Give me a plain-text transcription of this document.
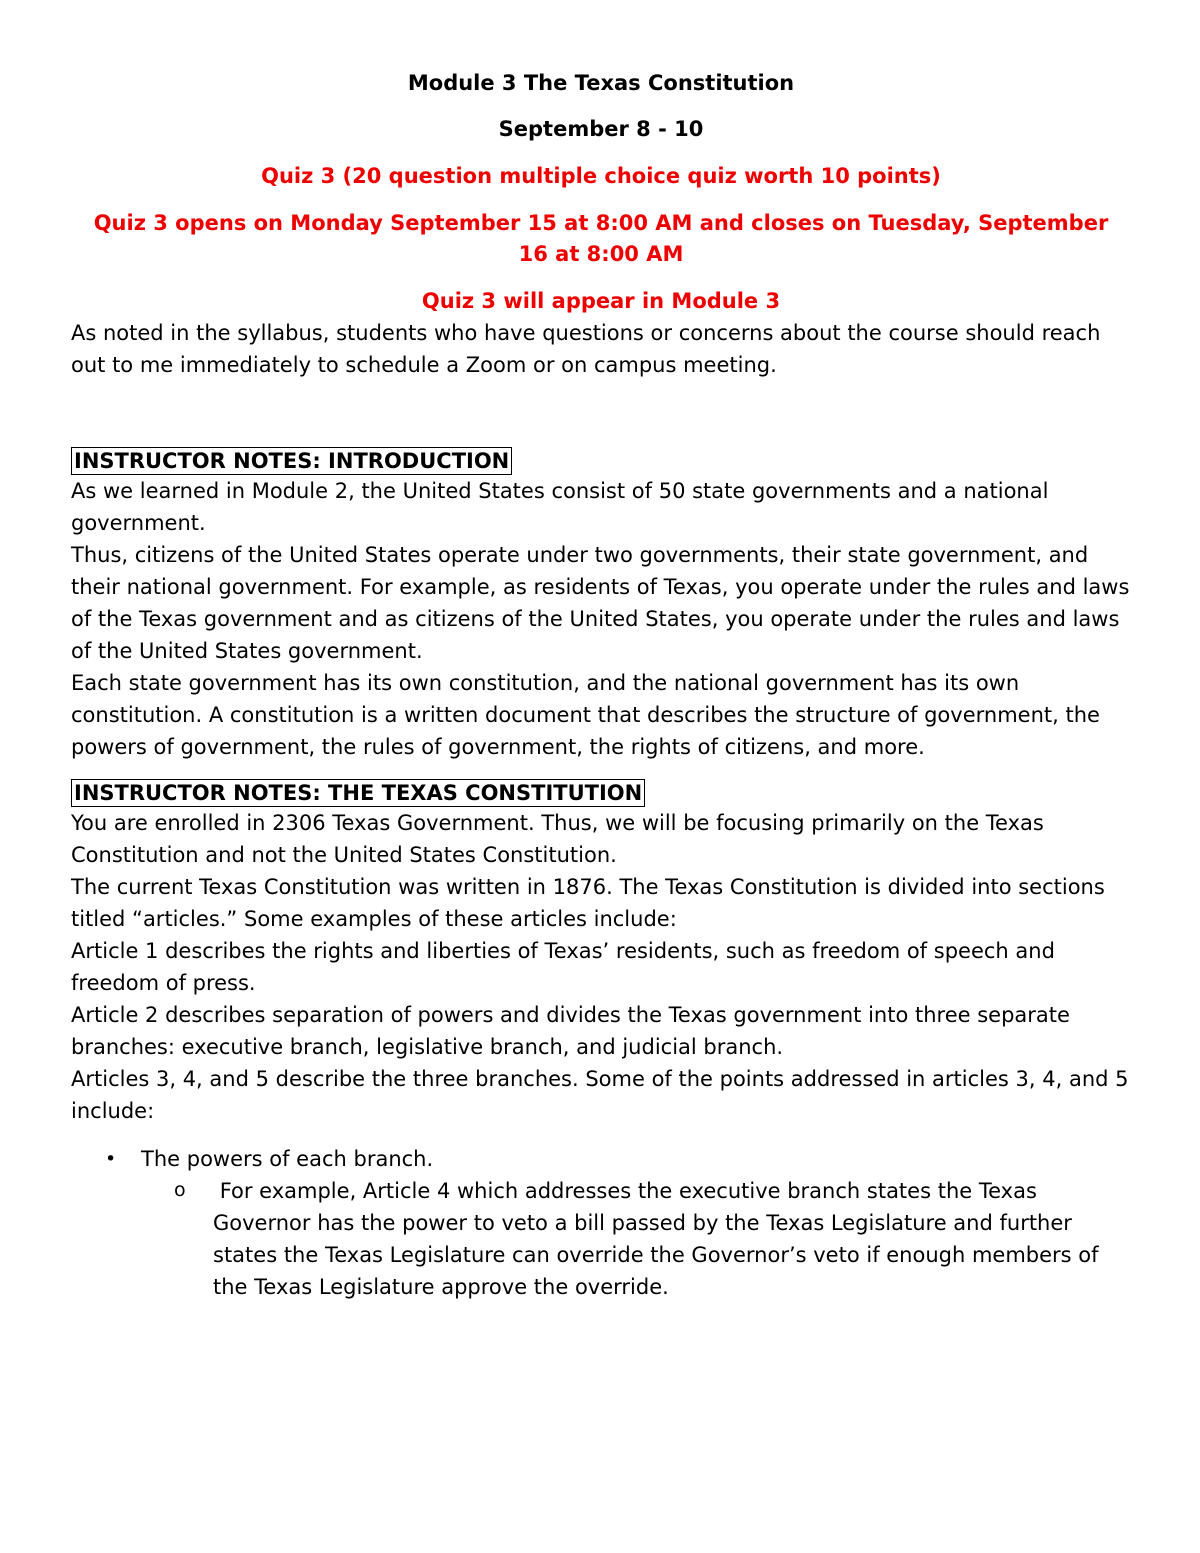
Module 3 The Texas Constitution
September 8 - 10
Quiz 3 (20 question multiple choice quiz worth 10 points)
Quiz 3 opens on Monday September 15 at 8:00 AM and closes on Tuesday, September 16 at 8:00 AM
Quiz 3 will appear in Module 3

As noted in the syllabus, students who have questions or concerns about the course should reach out to me immediately to schedule a Zoom or on campus meeting.

INSTRUCTOR NOTES: INTRODUCTION

As we learned in Module 2, the United States consist of 50 state governments and a national government.

Thus, citizens of the United States operate under two governments, their state government, and their national government. For example, as residents of Texas, you operate under the rules and laws of the Texas government and as citizens of the United States, you operate under the rules and laws of the United States government.

Each state government has its own constitution, and the national government has its own constitution. A constitution is a written document that describes the structure of government, the powers of government, the rules of government, the rights of citizens, and more.

INSTRUCTOR NOTES: THE TEXAS CONSTITUTION

You are enrolled in 2306 Texas Government. Thus, we will be focusing primarily on the Texas Constitution and not the United States Constitution.

The current Texas Constitution was written in 1876. The Texas Constitution is divided into sections titled “articles.” Some examples of these articles include:

Article 1 describes the rights and liberties of Texas’ residents, such as freedom of speech and freedom of press.

Article 2 describes separation of powers and divides the Texas government into three separate branches: executive branch, legislative branch, and judicial branch.

Articles 3, 4, and 5 describe the three branches. Some of the points addressed in articles 3, 4, and 5 include:

• The powers of each branch.
o For example, Article 4 which addresses the executive branch states the Texas Governor has the power to veto a bill passed by the Texas Legislature and further states the Texas Legislature can override the Governor’s veto if enough members of the Texas Legislature approve the override.
